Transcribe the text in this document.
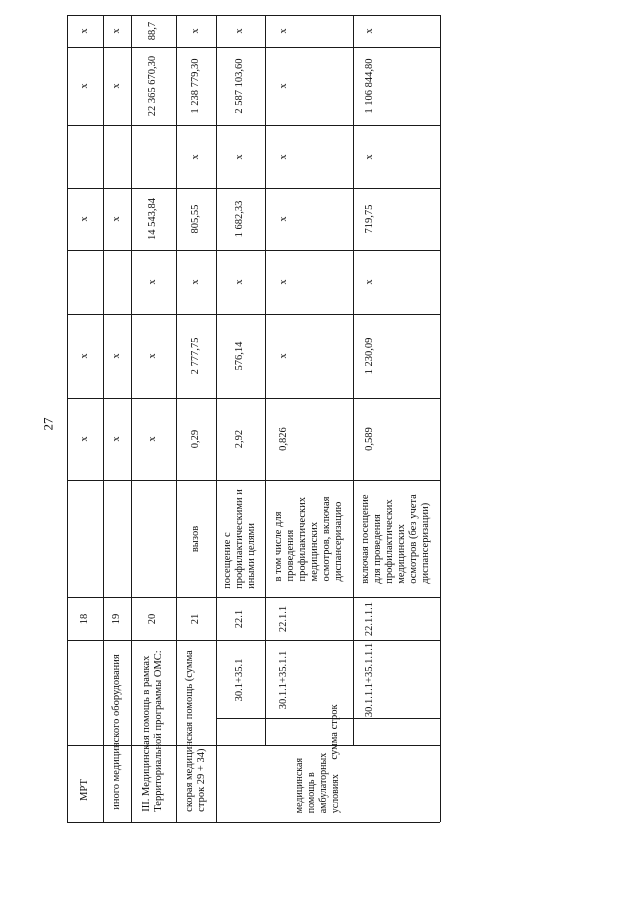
27
МРТ
18
x
x
x
x
x
иного медицинского оборудования
19
x
x
x
x
x
III. Медицинская помощь в рамках Территориальной программы ОМС:
20
x
x
x
14 543,84
22 365 670,30
88,7
скорая медицинская помощь (сумма строк 29 + 34)
21
вызов
0,29
2 777,75
x
805,55
x
1 238 779,30
x
сумма строк
медицинская помощь в амбулаторных условиях
30.1+35.1
22.1
посещение с профилактическими и иными целями
2,92
576,14
x
1 682,33
x
2 587 103,60
x
30.1.1+35.1.1
22.1.1
в том числе для проведения профилактических медицинских осмотров, включая диспансеризацию
0,826
x
x
x
x
x
x
30.1.1.1+35.1.1.1
22.1.1.1
включая посещение для проведения профилактических медицинских осмотров (без учета диспансеризации)
0,589
1 230,09
x
719,75
x
1 106 844,80
x
